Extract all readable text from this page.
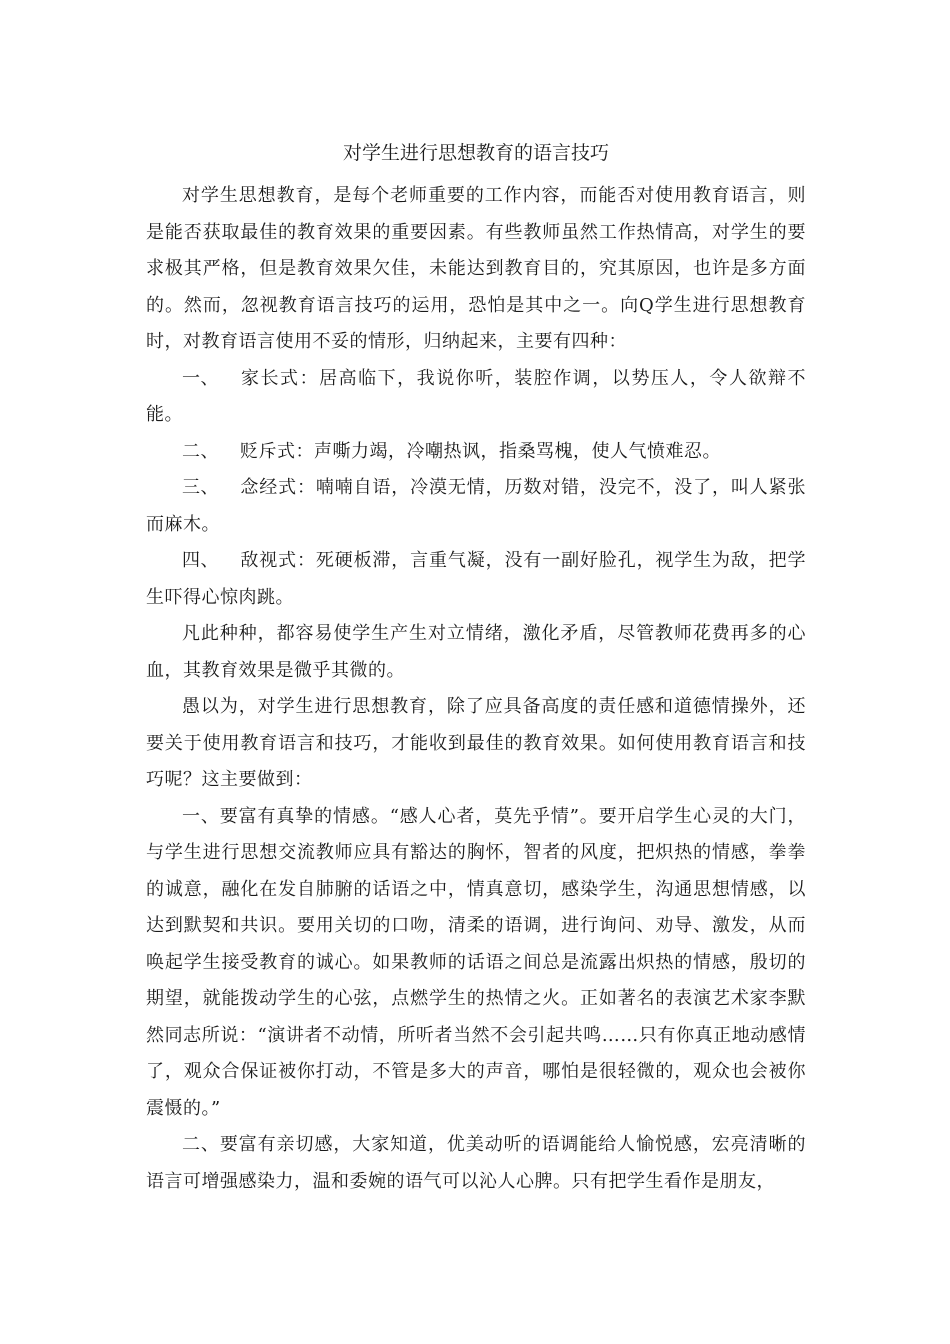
对学生进行思想教育的语言技巧

对学生思想教育，是每个老师重要的工作内容，而能否对使用教育语言，则是能否获取最佳的教育效果的重要因素。有些教师虽然工作热情高，对学生的要求极其严格，但是教育效果欠佳，未能达到教育目的，究其原因，也许是多方面的。然而，忽视教育语言技巧的运用，恐怕是其中之一。向Q学生进行思想教育时，对教育语言使用不妥的情形，归纳起来，主要有四种：

一、 家长式：居高临下，我说你听，装腔作调，以势压人，令人欲辩不能。

二、 贬斥式：声嘶力竭，冷嘲热讽，指桑骂槐，使人气愤难忍。

三、 念经式：喃喃自语，冷漠无情，历数对错，没完不，没了，叫人紧张而麻木。

四、 敌视式：死硬板滞，言重气凝，没有一副好脸孔，视学生为敌，把学生吓得心惊肉跳。

凡此种种，都容易使学生产生对立情绪，激化矛盾，尽管教师花费再多的心血，其教育效果是微乎其微的。

愚以为，对学生进行思想教育，除了应具备高度的责任感和道德情操外，还要关于使用教育语言和技巧，才能收到最佳的教育效果。如何使用教育语言和技巧呢？这主要做到：

一、要富有真挚的情感。“感人心者，莫先乎情”。要开启学生心灵的大门，与学生进行思想交流教师应具有豁达的胸怀，智者的风度，把炽热的情感，拳拳的诚意，融化在发自肺腑的话语之中，情真意切，感染学生，沟通思想情感，以达到默契和共识。要用关切的口吻，清柔的语调，进行询问、劝导、激发，从而唤起学生接受教育的诚心。如果教师的话语之间总是流露出炽热的情感，殷切的期望，就能拨动学生的心弦，点燃学生的热情之火。正如著名的表演艺术家李默然同志所说：“演讲者不动情，所听者当然不会引起共鸣……只有你真正地动感情了，观众合保证被你打动，不管是多大的声音，哪怕是很轻微的，观众也会被你震慑的。”

二、要富有亲切感，大家知道，优美动听的语调能给人愉悦感，宏亮清晰的语言可增强感染力，温和委婉的语气可以沁人心脾。只有把学生看作是朋友，
